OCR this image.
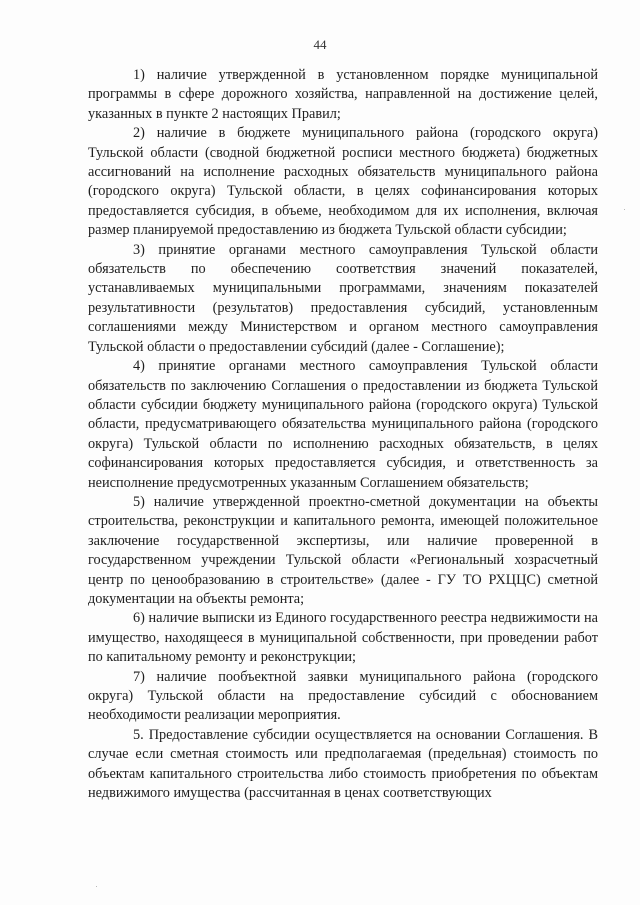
44

1) наличие утвержденной в установленном порядке муниципальной программы в сфере дорожного хозяйства, направленной на достижение целей, указанных в пункте 2 настоящих Правил;

2) наличие в бюджете муниципального района (городского округа) Тульской области (сводной бюджетной росписи местного бюджета) бюджетных ассигнований на исполнение расходных обязательств муниципального района (городского округа) Тульской области, в целях софинансирования которых предоставляется субсидия, в объеме, необходимом для их исполнения, включая размер планируемой предоставлению из бюджета Тульской области субсидии;

3) принятие органами местного самоуправления Тульской области обязательств по обеспечению соответствия значений показателей, устанавливаемых муниципальными программами, значениям показателей результативности (результатов) предоставления субсидий, установленным соглашениями между Министерством и органом местного самоуправления Тульской области о предоставлении субсидий (далее - Соглашение);

4) принятие органами местного самоуправления Тульской области обязательств по заключению Соглашения о предоставлении из бюджета Тульской области субсидии бюджету муниципального района (городского округа) Тульской области, предусматривающего обязательства муниципального района (городского округа) Тульской области по исполнению расходных обязательств, в целях софинансирования которых предоставляется субсидия, и ответственность за неисполнение предусмотренных указанным Соглашением обязательств;

5) наличие утвержденной проектно-сметной документации на объекты строительства, реконструкции и капитального ремонта, имеющей положительное заключение государственной экспертизы, или наличие проверенной в государственном учреждении Тульской области «Региональный хозрасчетный центр по ценообразованию в строительстве» (далее - ГУ ТО РХЦЦС) сметной документации на объекты ремонта;

6) наличие выписки из Единого государственного реестра недвижимости на имущество, находящееся в муниципальной собственности, при проведении работ по капитальному ремонту и реконструкции;

7) наличие пообъектной заявки муниципального района (городского округа) Тульской области на предоставление субсидий с обоснованием необходимости реализации мероприятия.

5. Предоставление субсидии осуществляется на основании Соглашения. В случае если сметная стоимость или предполагаемая (предельная) стоимость по объектам капитального строительства либо стоимость приобретения по объектам недвижимого имущества (рассчитанная в ценах соответствующих
